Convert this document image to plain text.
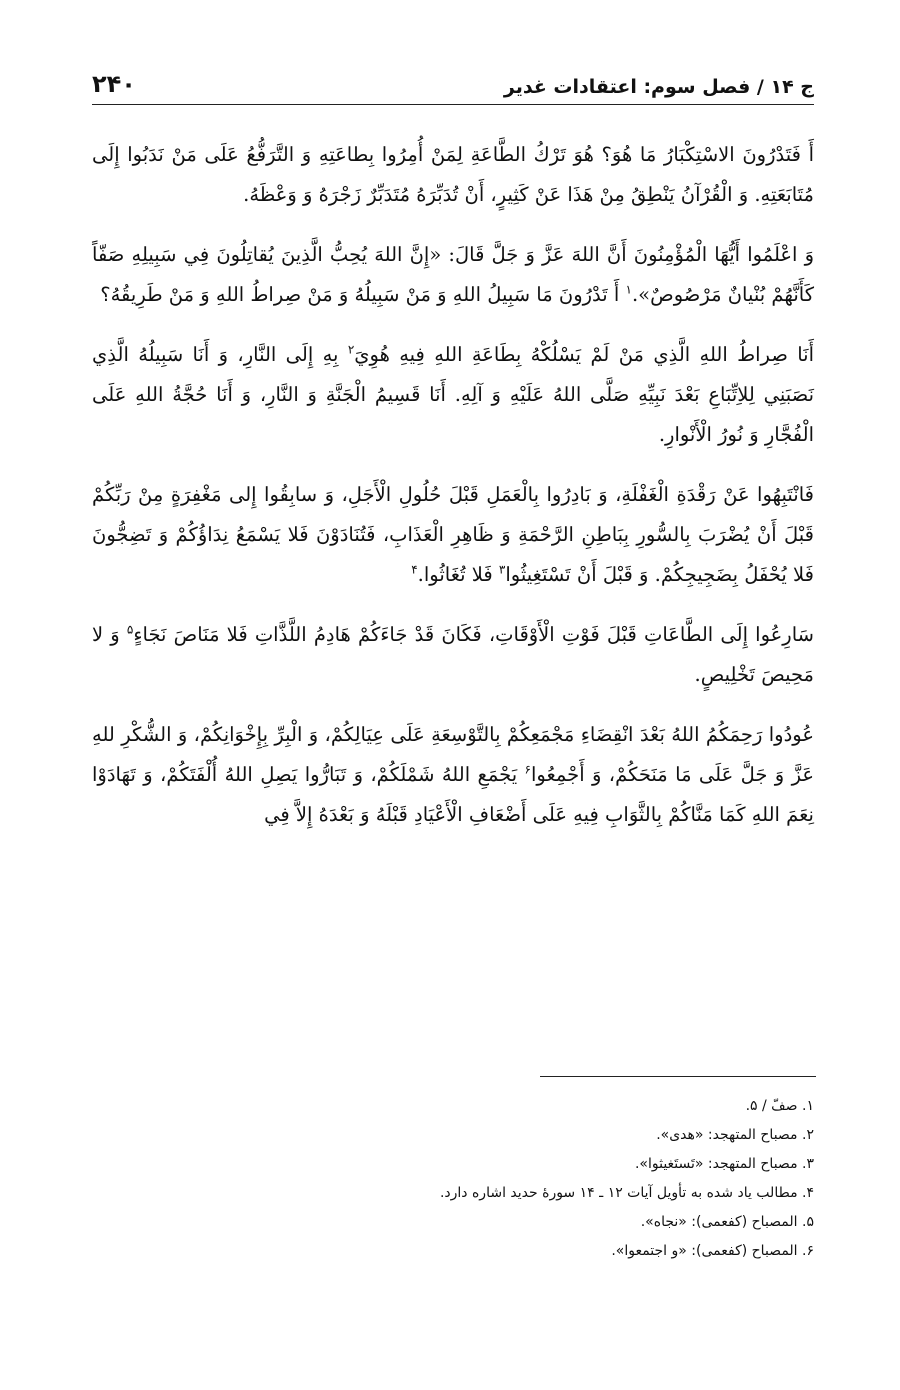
ج ۱۴ / فصل سوم: اعتقادات غدیر
۲۴۰

أَ فَتَدْرُونَ الاسْتِكْبَارُ مَا هُوَ؟ هُوَ تَرْكُ الطَّاعَةِ لِمَنْ أُمِرُوا بِطاعَتِهِ وَ التَّرَفُّعُ عَلَى مَنْ نَدَبُوا إِلَى مُتَابَعَتِهِ. وَ الْقُرْآنُ يَنْطِقُ مِنْ هَذَا عَنْ كَثِيرٍ، أَنْ تُدَبِّرَهُ مُتَدَبِّرٌ زَجْرَهُ وَ وَعْظَهُ.

وَ اعْلَمُوا أَيُّهَا الْمُؤْمِنُونَ أَنَّ اللهَ عَزَّ وَ جَلَّ قَالَ: «إِنَّ اللهَ يُحِبُّ الَّذِينَ يُقاتِلُونَ فِي سَبِيلِهِ صَفّاً كَأَنَّهُمْ بُنْيانٌ مَرْصُوصٌ».$^۱$ أَ تَدْرُونَ مَا سَبِيلُ اللهِ وَ مَنْ سَبِيلُهُ وَ مَنْ صِراطُ اللهِ وَ مَنْ طَرِيقُهُ؟

أَنَا صِراطُ اللهِ الَّذِي مَنْ لَمْ يَسْلُكْهُ بِطَاعَةِ اللهِ فِيهِ هُوِيَ$^۲$ بِهِ إِلَى النَّارِ، وَ أَنَا سَبِيلُهُ الَّذِي نَصَبَنِي لِلاِتِّبَاعِ بَعْدَ نَبِيِّهِ صَلَّى اللهُ عَلَيْهِ وَ آلِهِ. أَنَا قَسِيمُ الْجَنَّةِ وَ النَّارِ، وَ أَنَا حُجَّةُ اللهِ عَلَى الْفُجَّارِ وَ نُورُ الْأَنْوارِ.

فَانْتَبِهُوا عَنْ رَقْدَةِ الْغَفْلَةِ، وَ بَادِرُوا بِالْعَمَلِ قَبْلَ حُلُولِ الْأَجَلِ، وَ سابِقُوا إِلى مَغْفِرَةٍ مِنْ رَبِّكُمْ قَبْلَ أَنْ يُضْرَبَ بِالسُّورِ بِبَاطِنِ الرَّحْمَةِ وَ ظَاهِرِ الْعَذَابِ، فَتُنَادَوْنَ فَلا يَسْمَعُ نِدَاؤُكُمْ وَ تَضِجُّونَ فَلا يُحْفَلُ بِضَجِيجِكُمْ. وَ قَبْلَ أَنْ تَسْتَغِيثُوا$^۳$ فَلا تُغَاثُوا.$^۴$

سَارِعُوا إِلَى الطَّاعَاتِ قَبْلَ فَوْتِ الْأَوْقَاتِ، فَكَانَ قَدْ جَاءَكُمْ هَادِمُ اللَّذَّاتِ فَلا مَنَاصَ نَجَاءٍ$^۵$ وَ لا مَحِيصَ تَخْلِيصٍ.

عُودُوا رَحِمَكُمُ اللهُ بَعْدَ انْقِضَاءِ مَجْمَعِكُمْ بِالتَّوْسِعَةِ عَلَى عِيَالِكُمْ، وَ الْبِرِّ بِإِخْوَانِكُمْ، وَ الشُّكْرِ للهِ عَزَّ وَ جَلَّ عَلَى مَا مَنَحَكُمْ، وَ أَجْمِعُوا$^۶$ يَجْمَعِ اللهُ شَمْلَكُمْ، وَ تَبَارُّوا يَصِلِ اللهُ أُلْفَتَكُمْ، وَ تَهَادَوْا نِعَمَ اللهِ كَمَا مَنَّاكُمْ بِالثَّوَابِ فِيهِ عَلَى أَضْعَافِ الْأَعْيَادِ قَبْلَهُ وَ بَعْدَهُ إِلاَّ فِي

۱. صفّ / ۵.
۲. مصباح المتهجد: «هدی».
۳. مصباح المتهجد: «تَستَغیثوا».
۴. مطالب یاد شده به تأویل آیات ۱۲ ـ ۱۴ سورهٔ حدید اشاره دارد.
۵. المصباح (کفعمی): «نجاه».
۶. المصباح (کفعمی): «و اجتمعوا».
